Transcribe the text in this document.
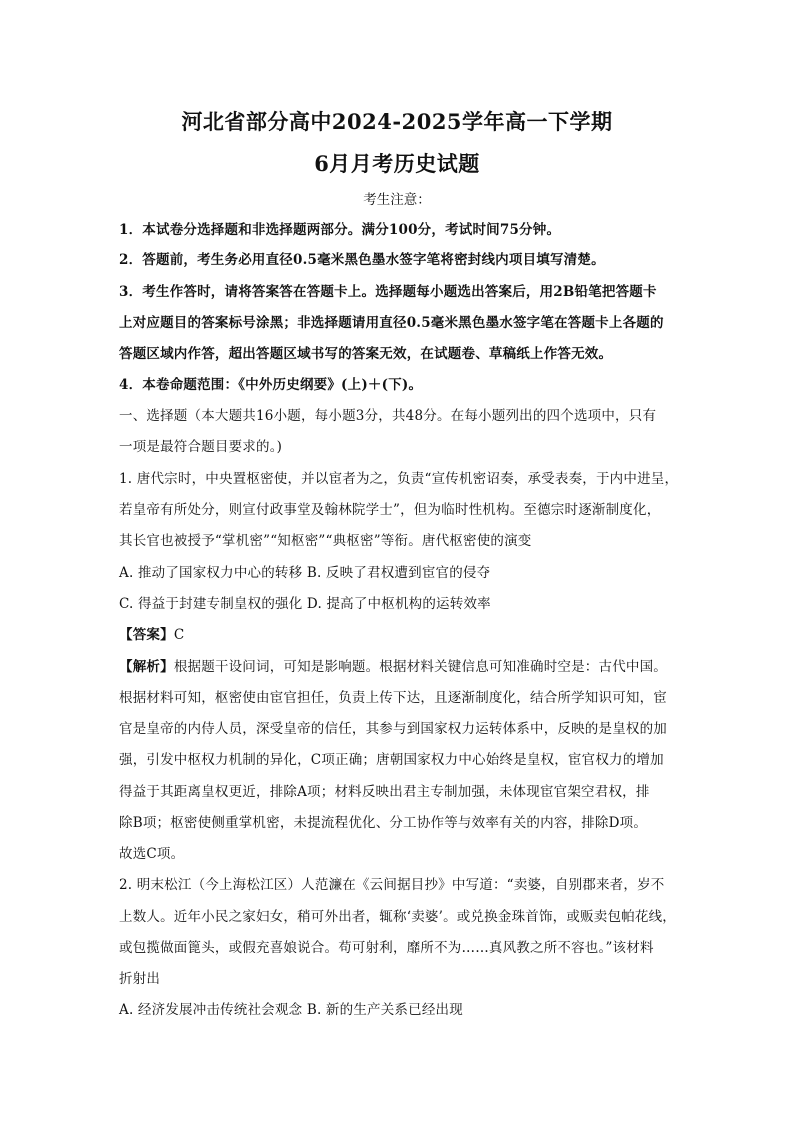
河北省部分高中2024-2025学年高一下学期
6月月考历史试题
考生注意：
1．本试卷分选择题和非选择题两部分。满分100分，考试时间75分钟。
2．答题前，考生务必用直径0.5毫米黑色墨水签字笔将密封线内项目填写清楚。
3．考生作答时，请将答案答在答题卡上。选择题每小题选出答案后，用2B铅笔把答题卡
上对应题目的答案标号涂黑；非选择题请用直径0.5毫米黑色墨水签字笔在答题卡上各题的
答题区域内作答，超出答题区域书写的答案无效，在试题卷、草稿纸上作答无效。
4．本卷命题范围：《中外历史纲要》(上)＋(下)。
一、选择题（本大题共16小题，每小题3分，共48分。在每小题列出的四个选项中，只有
一项是最符合题目要求的。)
1. 唐代宗时，中央置枢密使，并以宦者为之，负责“宣传机密诏奏，承受表奏，于内中进呈，
若皇帝有所处分，则宣付政事堂及翰林院学士”，但为临时性机构。至德宗时逐渐制度化，
其长官也被授予“掌机密”“知枢密”“典枢密”等衔。唐代枢密使的演变
A. 推动了国家权力中心的转移 B. 反映了君权遭到宦官的侵夺
C. 得益于封建专制皇权的强化 D. 提高了中枢机构的运转效率
【答案】C
【解析】根据题干设问词，可知是影响题。根据材料关键信息可知准确时空是：古代中国。
根据材料可知，枢密使由宦官担任，负责上传下达，且逐渐制度化，结合所学知识可知，宦
官是皇帝的内侍人员，深受皇帝的信任，其参与到国家权力运转体系中，反映的是皇权的加
强，引发中枢权力机制的异化，C项正确；唐朝国家权力中心始终是皇权，宦官权力的增加
得益于其距离皇权更近，排除A项；材料反映出君主专制加强，未体现宦官架空君权，排
除B项；枢密使侧重掌机密，未提流程优化、分工协作等与效率有关的内容，排除D项。
故选C项。
2. 明末松江（今上海松江区）人范濂在《云间据目抄》中写道：“卖婆，自别郡来者，岁不
上数人。近年小民之家妇女，稍可外出者，辄称‘卖婆’。或兑换金珠首饰，或贩卖包帕花线，
或包揽做面篦头，或假充喜娘说合。苟可射利，靡所不为……真风教之所不容也。”该材料
折射出
A. 经济发展冲击传统社会观念 B. 新的生产关系已经出现
